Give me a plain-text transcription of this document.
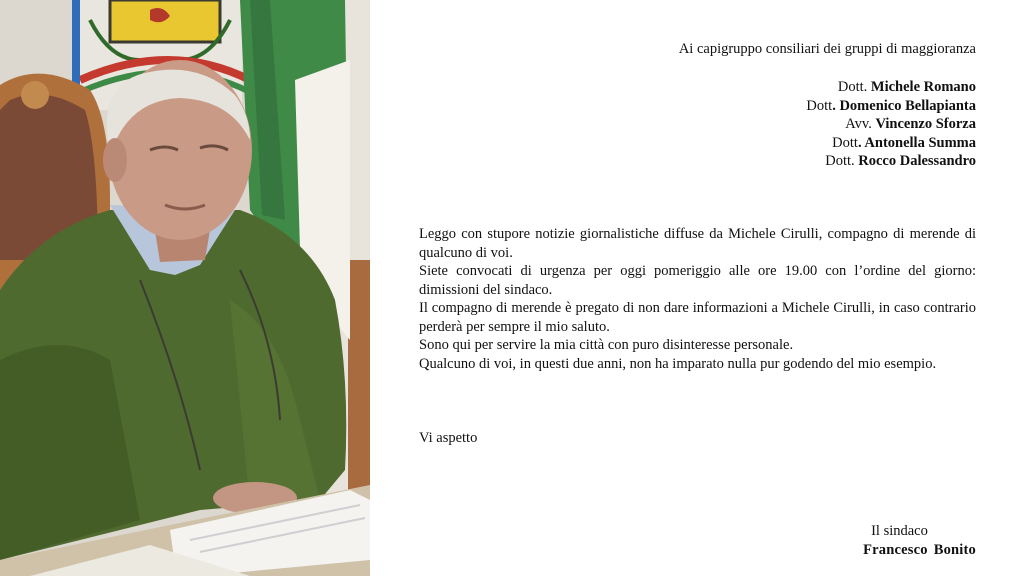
Ai capigruppo consiliari dei gruppi di maggioranza
Dott. Michele Romano
Dott. Domenico Bellapianta
Avv. Vincenzo Sforza
Dott. Antonella Summa
Dott. Rocco Dalessandro

Leggo con stupore notizie giornalistiche diffuse da Michele Cirulli, compagno di merende di qualcuno di voi.

Siete convocati di urgenza per oggi pomeriggio alle ore 19.00 con l’ordine del giorno: dimissioni del sindaco.

Il compagno di merende è pregato di non dare informazioni a Michele Cirulli, in caso contrario perderà per sempre il mio saluto.

Sono qui per servire la mia città con puro disinteresse personale.

Qualcuno di voi, in questi due anni, non ha imparato nulla pur godendo del mio esempio.

Vi aspetto
Il sindaco
Francesco Bonito
